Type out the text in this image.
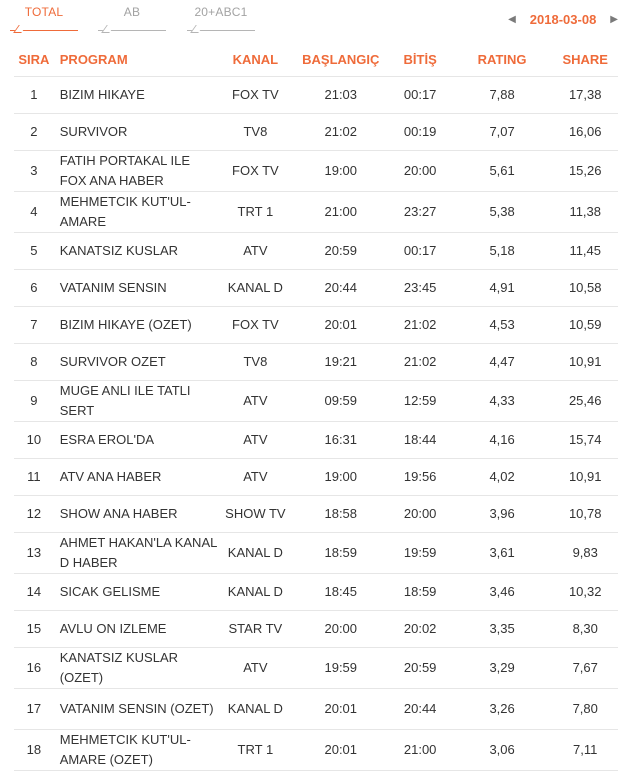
TOTAL	AB	20+ABC1	◀ 2018-03-08 ▶
SIRA	PROGRAM	KANAL	BAŞLANGIÇ	BİTİŞ	RATING	SHARE
1	BIZIM HIKAYE	FOX TV	21:03	00:17	7,88	17,38
2	SURVIVOR	TV8	21:02	00:19	7,07	16,06
3	FATIH PORTAKAL ILE FOX ANA HABER	FOX TV	19:00	20:00	5,61	15,26
4	MEHMETCIK KUT'UL-AMARE	TRT 1	21:00	23:27	5,38	11,38
5	KANATSIZ KUSLAR	ATV	20:59	00:17	5,18	11,45
6	VATANIM SENSIN	KANAL D	20:44	23:45	4,91	10,58
7	BIZIM HIKAYE (OZET)	FOX TV	20:01	21:02	4,53	10,59
8	SURVIVOR OZET	TV8	19:21	21:02	4,47	10,91
9	MUGE ANLI ILE TATLI SERT	ATV	09:59	12:59	4,33	25,46
10	ESRA EROL'DA	ATV	16:31	18:44	4,16	15,74
11	ATV ANA HABER	ATV	19:00	19:56	4,02	10,91
12	SHOW ANA HABER	SHOW TV	18:58	20:00	3,96	10,78
13	AHMET HAKAN'LA KANAL D HABER	KANAL D	18:59	19:59	3,61	9,83
14	SICAK GELISME	KANAL D	18:45	18:59	3,46	10,32
15	AVLU ON IZLEME	STAR TV	20:00	20:02	3,35	8,30
16	KANATSIZ KUSLAR (OZET)	ATV	19:59	20:59	3,29	7,67
17	VATANIM SENSIN (OZET)	KANAL D	20:01	20:44	3,26	7,80
18	MEHMETCIK KUT'UL-AMARE (OZET)	TRT 1	20:01	21:00	3,06	7,11
